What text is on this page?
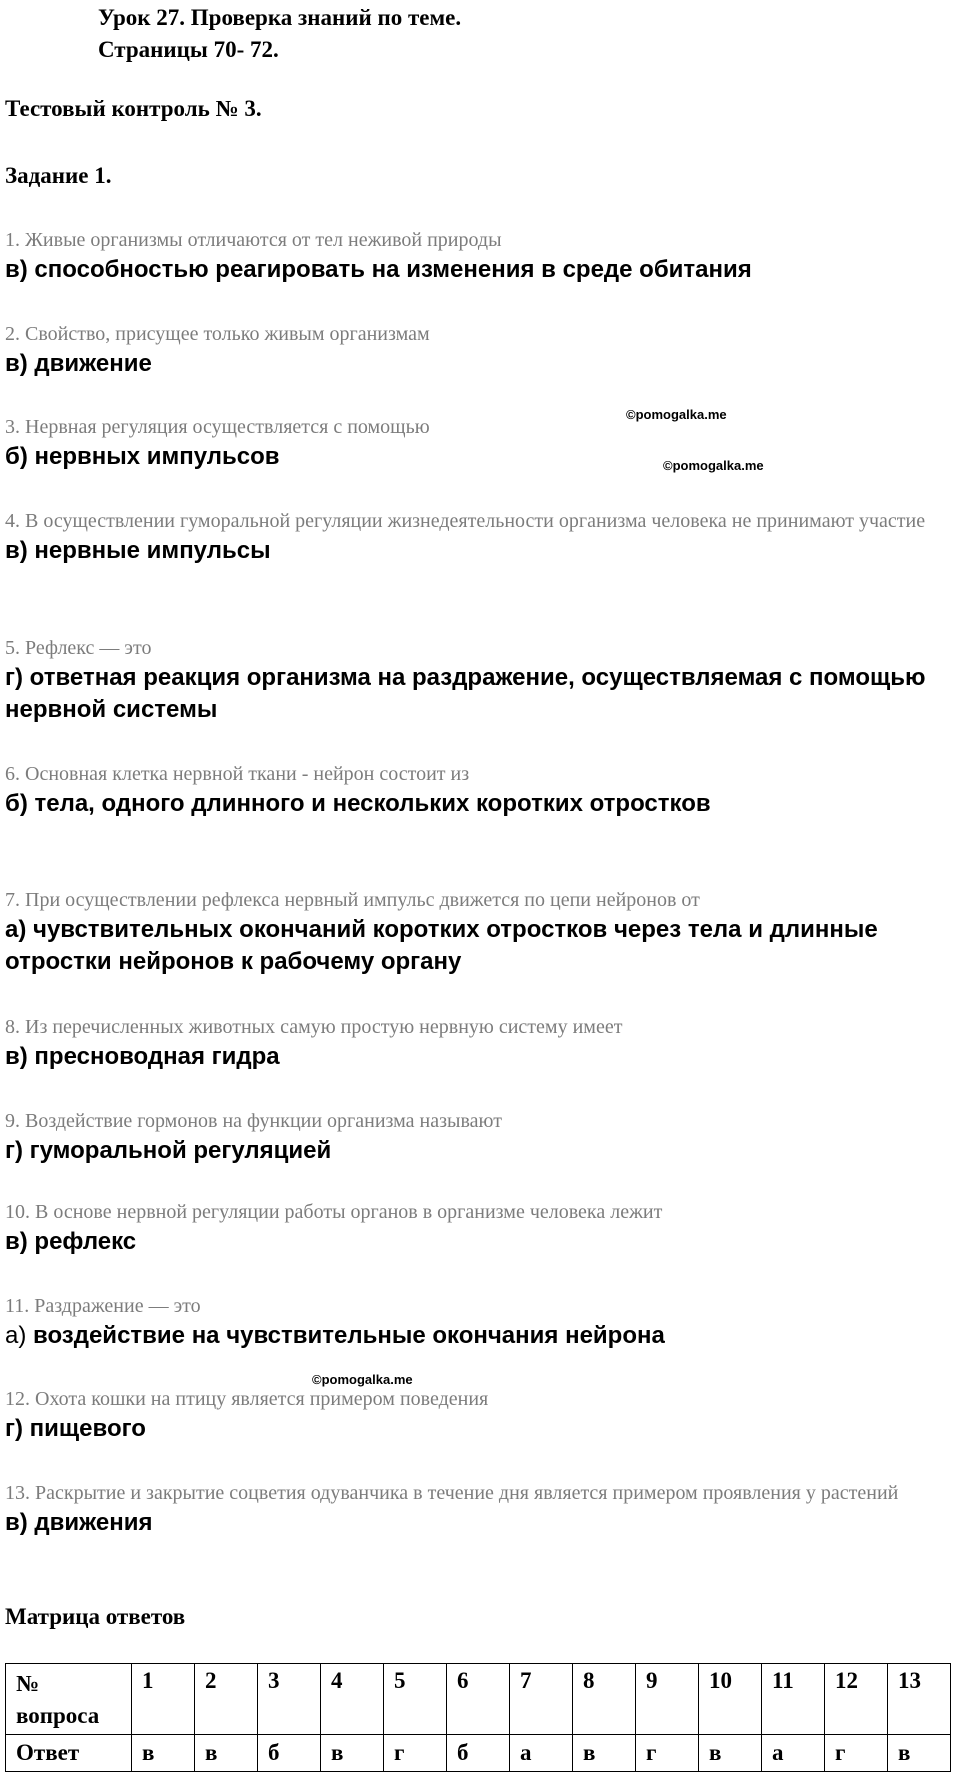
Урок 27. Проверка знаний по теме.
Страницы 70- 72.
Тестовый контроль № 3.
Задание 1.
1. Живые организмы отличаются от тел неживой природы
в) способностью реагировать на изменения в среде обитания
2. Свойство, присущее только живым организмам
в) движение
3. Нервная регуляция осуществляется с помощью
б) нервных импульсов
4. В осуществлении гуморальной регуляции жизнедеятельности организма человека не принимают участие
в) нервные импульсы
5. Рефлекс — это
г) ответная реакция организма на раздражение, осуществляемая с помощью нервной системы
6. Основная клетка нервной ткани - нейрон состоит из
б) тела, одного длинного и нескольких коротких отростков
7. При осуществлении рефлекса нервный импульс движется по цепи нейронов от
а) чувствительных окончаний коротких отростков через тела и длинные отростки нейронов к рабочему органу
8. Из перечисленных животных самую простую нервную систему имеет
в) пресноводная гидра
9. Воздействие гормонов на функции организма называют
г) гуморальной регуляцией
10. В основе нервной регуляции работы органов в организме человека лежит
в) рефлекс
11. Раздражение — это
а) воздействие на чувствительные окончания нейрона
12. Охота кошки на птицу является примером поведения
г) пищевого
13. Раскрытие и закрытие соцветия одуванчика в течение дня является примером проявления у растений
в) движения
©pomogalka.me
©pomogalka.me
©pomogalka.me
Матрица ответов
№
вопроса	1	2	3	4	5	6	7	8	9	10	11	12	13
Ответ	в	в	б	в	г	б	а	в	г	в	а	г	в
